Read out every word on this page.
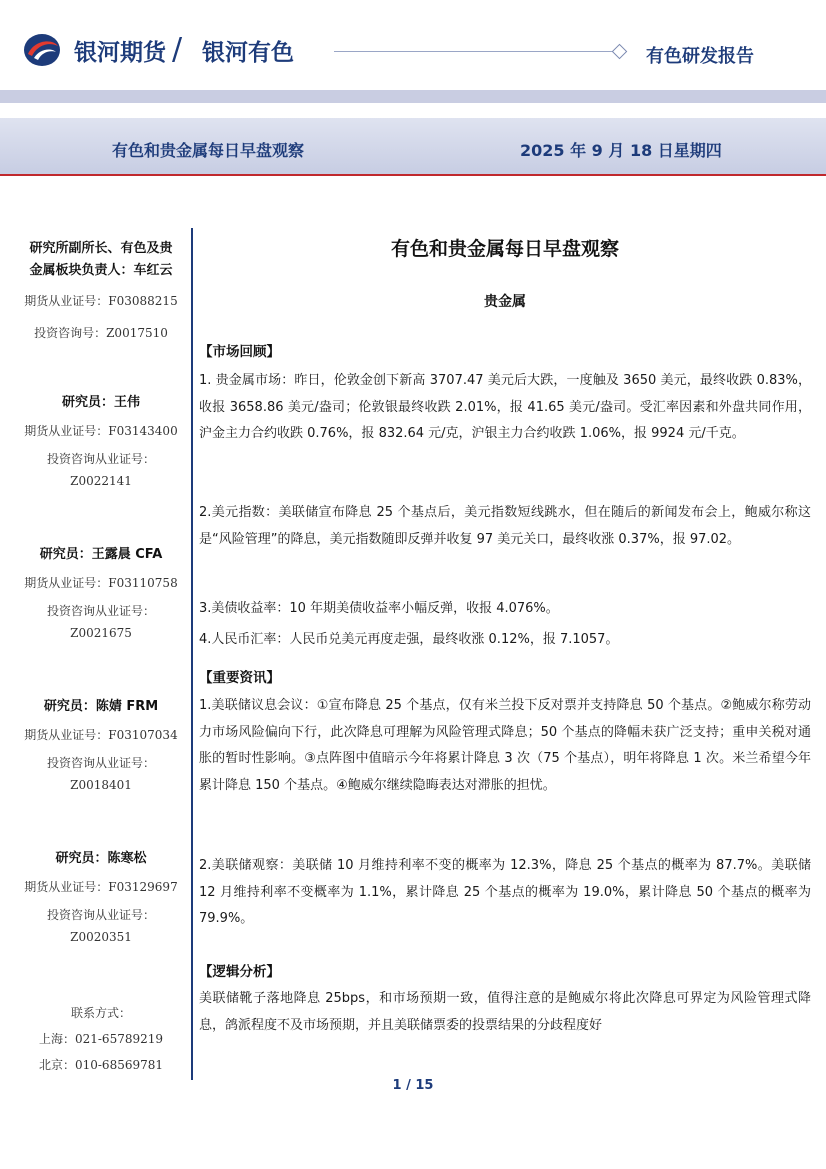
银河期货 / 银河有色	有色研发报告
有色和贵金属每日早盘观察	2025 年 9 月 18 日星期四
研究所副所长、有色及贵
金属板块负责人：车红云
期货从业证号：F03088215
投资咨询号：Z0017510
研究员：王伟
期货从业证号：F03143400
投资咨询从业证号：
Z0022141
研究员：王露晨 CFA
期货从业证号：F03110758
投资咨询从业证号：
Z0021675
研究员：陈婧 FRM
期货从业证号：F03107034
投资咨询从业证号：
Z0018401
研究员：陈寒松
期货从业证号：F03129697
投资咨询从业证号：
Z0020351
联系方式：
上海：021-65789219
北京：010-68569781
有色和贵金属每日早盘观察
贵金属
【市场回顾】
1. 贵金属市场：昨日，伦敦金创下新高 3707.47 美元后大跌，一度触及 3650 美元，最终收跌 0.83%，收报 3658.86 美元/盎司；伦敦银最终收跌 2.01%，报 41.65 美元/盎司。受汇率因素和外盘共同作用，沪金主力合约收跌 0.76%，报 832.64 元/克，沪银主力合约收跌 1.06%，报 9924 元/千克。
2.美元指数：美联储宣布降息 25 个基点后，美元指数短线跳水，但在随后的新闻发布会上，鲍威尔称这是“风险管理”的降息，美元指数随即反弹并收复 97 美元关口，最终收涨 0.37%，报 97.02。
3.美债收益率：10 年期美债收益率小幅反弹，收报 4.076%。
4.人民币汇率：人民币兑美元再度走强，最终收涨 0.12%，报 7.1057。
【重要资讯】
1.美联储议息会议：①宣布降息 25 个基点，仅有米兰投下反对票并支持降息 50 个基点。②鲍威尔称劳动力市场风险偏向下行，此次降息可理解为风险管理式降息；50 个基点的降幅未获广泛支持；重申关税对通胀的暂时性影响。③点阵图中值暗示今年将累计降息 3 次（75 个基点），明年将降息 1 次。米兰希望今年累计降息 150 个基点。④鲍威尔继续隐晦表达对滞胀的担忧。
2.美联储观察：美联储 10 月维持利率不变的概率为 12.3%，降息 25 个基点的概率为 87.7%。美联储 12 月维持利率不变概率为 1.1%，累计降息 25 个基点的概率为 19.0%，累计降息 50 个基点的概率为 79.9%。
【逻辑分析】
美联储靴子落地降息 25bps，和市场预期一致，值得注意的是鲍威尔将此次降息可界定为风险管理式降息，鸽派程度不及市场预期，并且美联储票委的投票结果的分歧程度好
1 / 15
